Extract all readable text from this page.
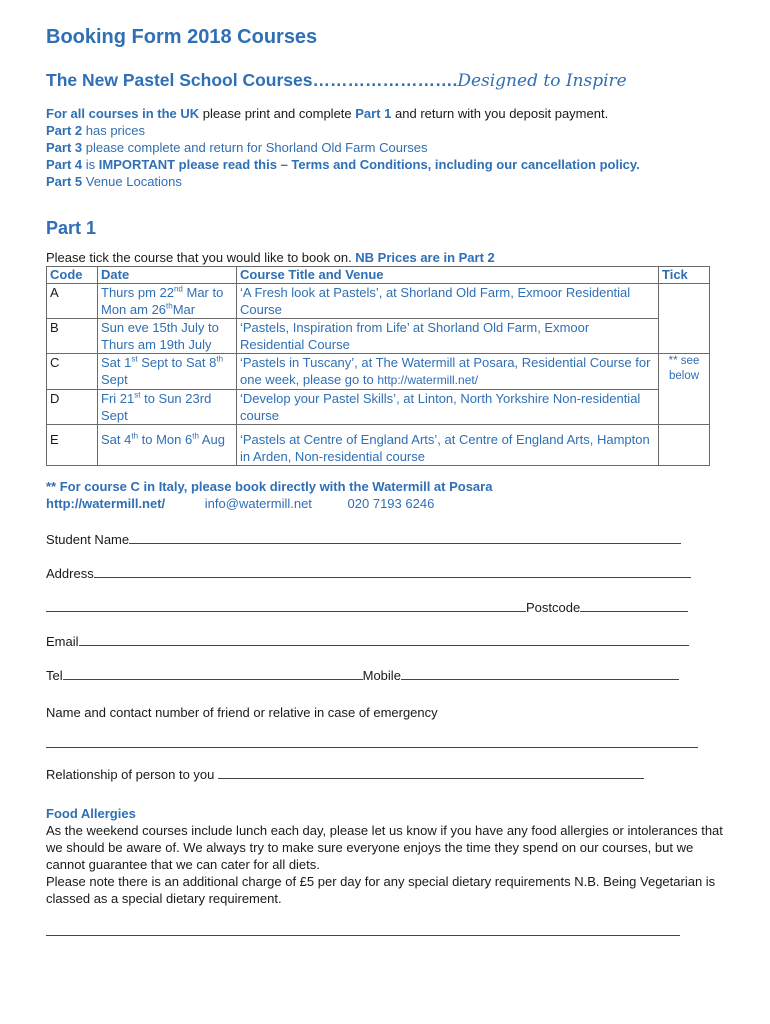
Booking Form 2018 Courses
The New Pastel School Courses…………………….Designed to Inspire
For all courses in the UK please print and complete Part 1 and return with you deposit payment.
Part 2 has prices
Part 3 please complete and return for Shorland Old Farm Courses
Part 4 is IMPORTANT please read this – Terms and Conditions, including our cancellation policy.
Part 5 Venue Locations
Part 1
Please tick the course that you would like to book on. NB Prices are in Part 2
Code	Date	Course Title and Venue	Tick
A	Thurs pm 22nd Mar to Mon am 26thMar	‘A Fresh look at Pastels’, at Shorland Old Farm, Exmoor Residential Course	
B	Sun eve 15th July to Thurs am 19th July	‘Pastels, Inspiration from Life’ at Shorland Old Farm, Exmoor Residential Course	
C	Sat 1st Sept to Sat 8th Sept	‘Pastels in Tuscany’, at The Watermill at Posara, Residential Course for one week, please go to http://watermill.net/	** see below
D	Fri 21st to Sun 23rd Sept	‘Develop your Pastel Skills’, at Linton, North Yorkshire Non-residential course	
E	Sat 4th to Mon 6th Aug	‘Pastels at Centre of England Arts’, at Centre of England Arts, Hampton in Arden, Non-residential course	
** For course C in Italy, please book directly with the Watermill at Posara
http://watermill.net/	info@watermill.net	020 7193 6246
Student Name
Address
Postcode
Email
Tel	Mobile
Name and contact number of friend or relative in case of emergency
Relationship of person to you
Food Allergies
As the weekend courses include lunch each day, please let us know if you have any food allergies or intolerances that we should be aware of. We always try to make sure everyone enjoys the time they spend on our courses, but we cannot guarantee that we can cater for all diets.
Please note there is an additional charge of £5 per day for any special dietary requirements N.B. Being Vegetarian is classed as a special dietary requirement.
